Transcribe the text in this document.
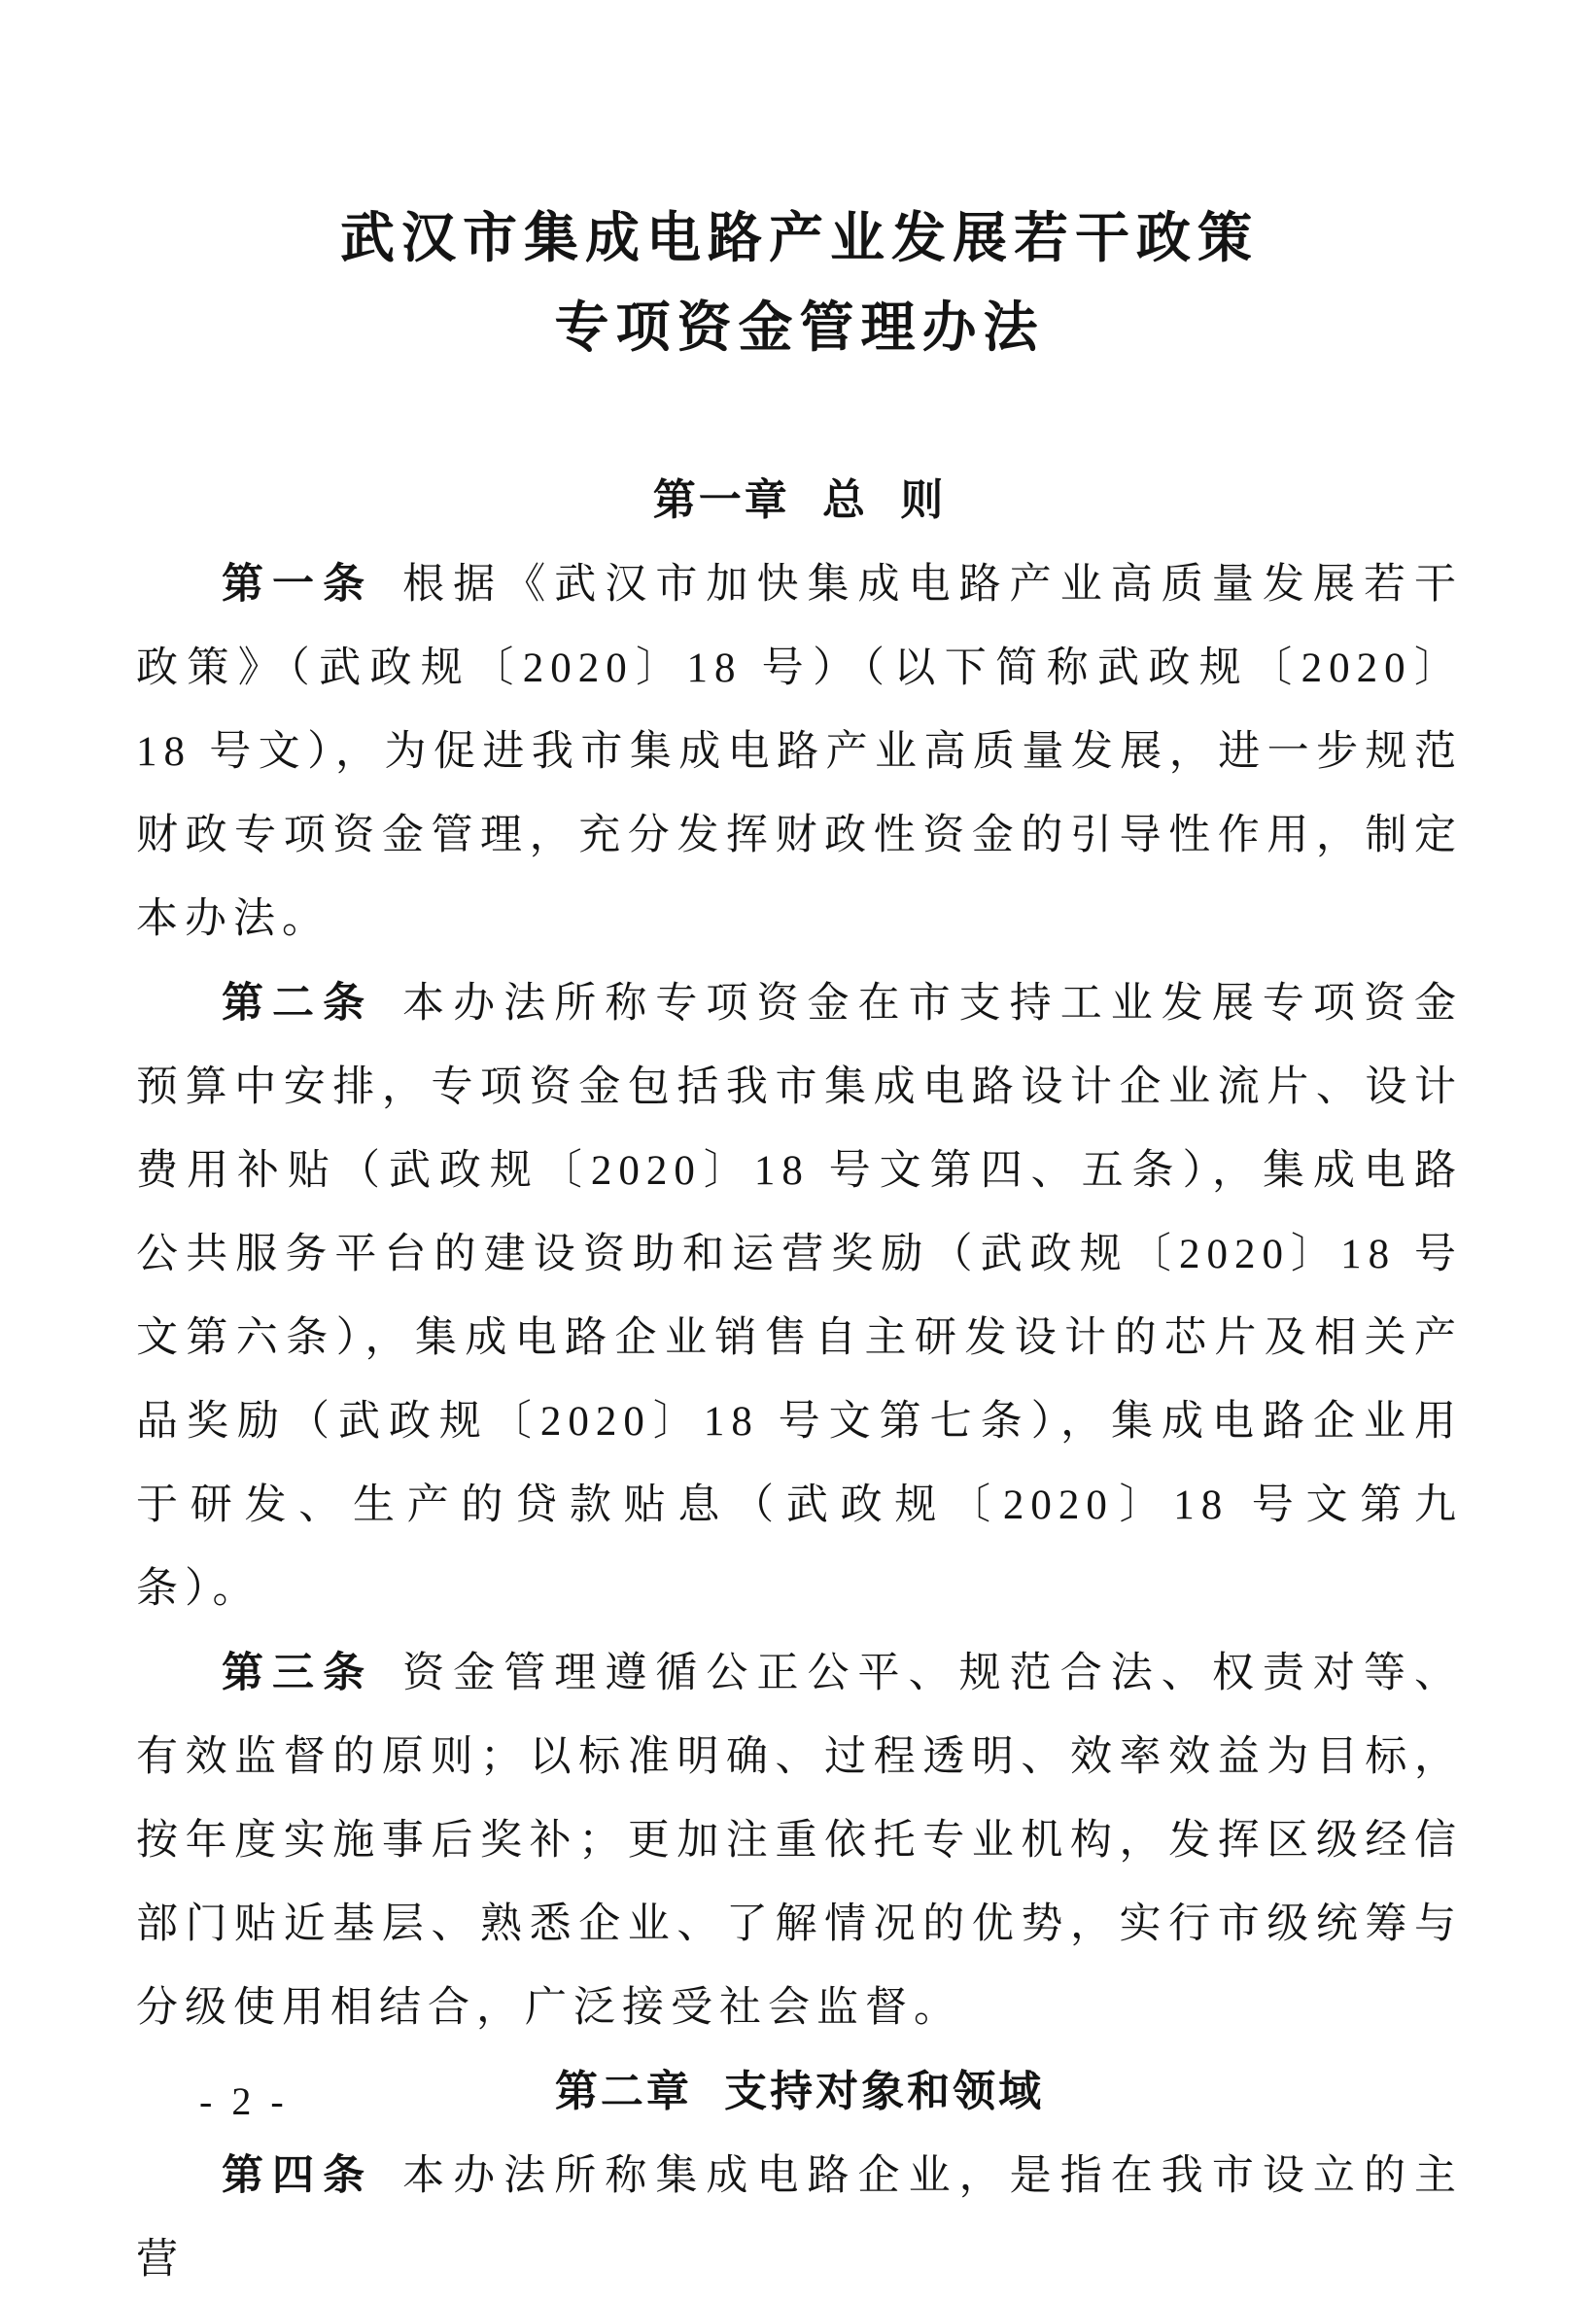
武汉市集成电路产业发展若干政策
专项资金管理办法
第一章 总 则

第一条 根据《武汉市加快集成电路产业高质量发展若干政策》（武政规〔2020〕18 号）（以下简称武政规〔2020〕18 号文），为促进我市集成电路产业高质量发展，进一步规范财政专项资金管理，充分发挥财政性资金的引导性作用，制定本办法。

第二条 本办法所称专项资金在市支持工业发展专项资金预算中安排，专项资金包括我市集成电路设计企业流片、设计费用补贴（武政规〔2020〕18 号文第四、五条），集成电路公共服务平台的建设资助和运营奖励（武政规〔2020〕18 号文第六条），集成电路企业销售自主研发设计的芯片及相关产品奖励（武政规〔2020〕18 号文第七条），集成电路企业用于研发、生产的贷款贴息（武政规〔2020〕18 号文第九条）。

第三条 资金管理遵循公正公平、规范合法、权责对等、有效监督的原则；以标准明确、过程透明、效率效益为目标，按年度实施事后奖补；更加注重依托专业机构，发挥区级经信部门贴近基层、熟悉企业、了解情况的优势，实行市级统筹与分级使用相结合，广泛接受社会监督。

第二章 支持对象和领域

第四条 本办法所称集成电路企业，是指在我市设立的主营

- 2 -
